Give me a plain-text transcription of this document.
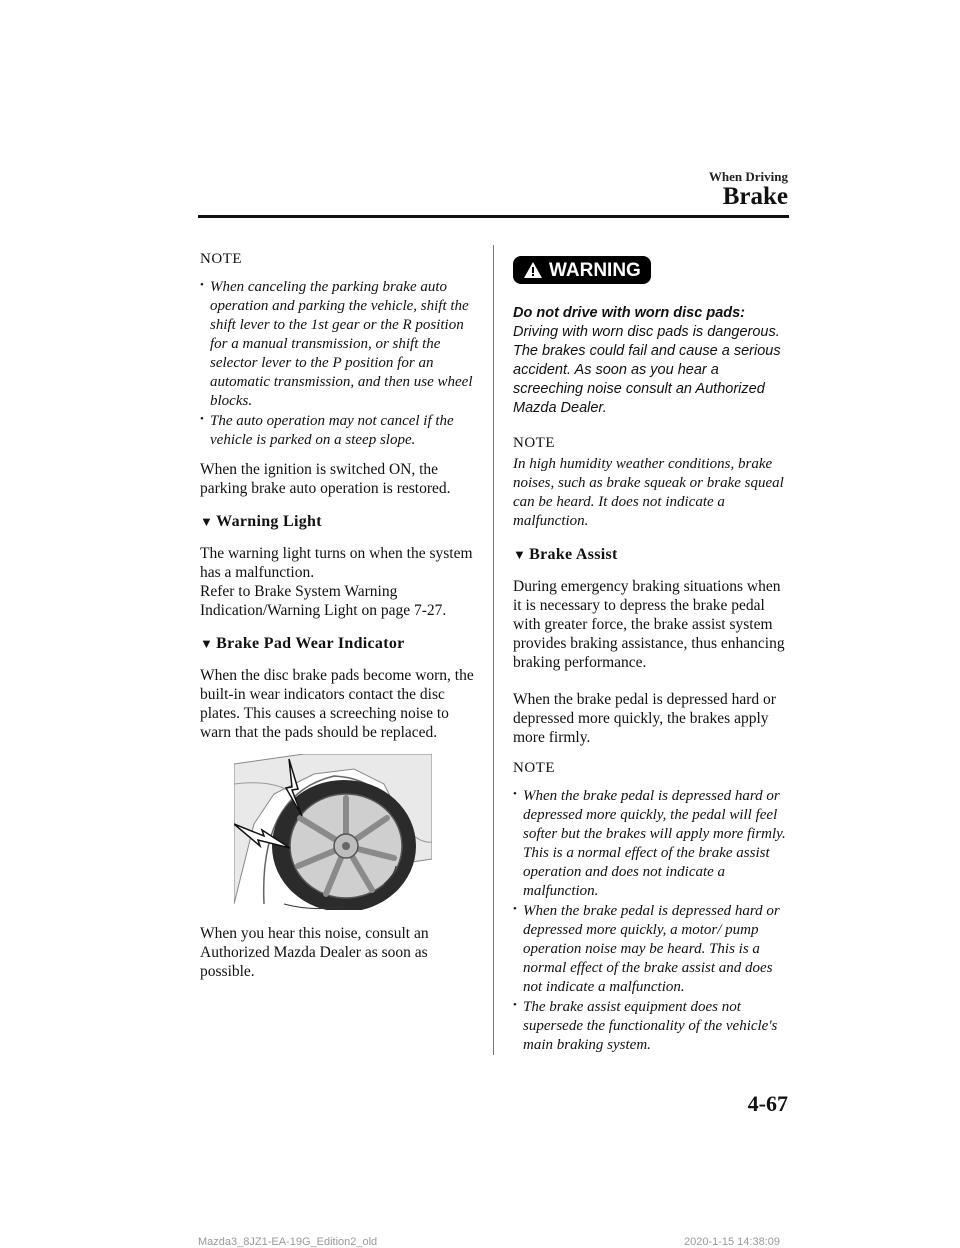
When Driving
Brake

NOTE

• When canceling the parking brake auto operation and parking the vehicle, shift the shift lever to the 1st gear or the R position for a manual transmission, or shift the selector lever to the P position for an automatic transmission, and then use wheel blocks.
• The auto operation may not cancel if the vehicle is parked on a steep slope.

When the ignition is switched ON, the parking brake auto operation is restored.

▼ Warning Light

The warning light turns on when the system has a malfunction.

Refer to Brake System Warning Indication/Warning Light on page 7-27.

▼ Brake Pad Wear Indicator

When the disc brake pads become worn, the built-in wear indicators contact the disc plates. This causes a screeching noise to warn that the pads should be replaced.

When you hear this noise, consult an Authorized Mazda Dealer as soon as possible.

WARNING

Do not drive with worn disc pads:

Driving with worn disc pads is dangerous. The brakes could fail and cause a serious accident. As soon as you hear a screeching noise consult an Authorized Mazda Dealer.

NOTE

In high humidity weather conditions, brake noises, such as brake squeak or brake squeal can be heard. It does not indicate a malfunction.

▼ Brake Assist

During emergency braking situations when it is necessary to depress the brake pedal with greater force, the brake assist system provides braking assistance, thus enhancing braking performance.

When the brake pedal is depressed hard or depressed more quickly, the brakes apply more firmly.

NOTE

• When the brake pedal is depressed hard or depressed more quickly, the pedal will feel softer but the brakes will apply more firmly. This is a normal effect of the brake assist operation and does not indicate a malfunction.
• When the brake pedal is depressed hard or depressed more quickly, a motor/ pump operation noise may be heard. This is a normal effect of the brake assist and does not indicate a malfunction.
• The brake assist equipment does not supersede the functionality of the vehicle's main braking system.
4-67
Mazda3_8JZ1-EA-19G_Edition2_old	2020-1-15 14:38:09
